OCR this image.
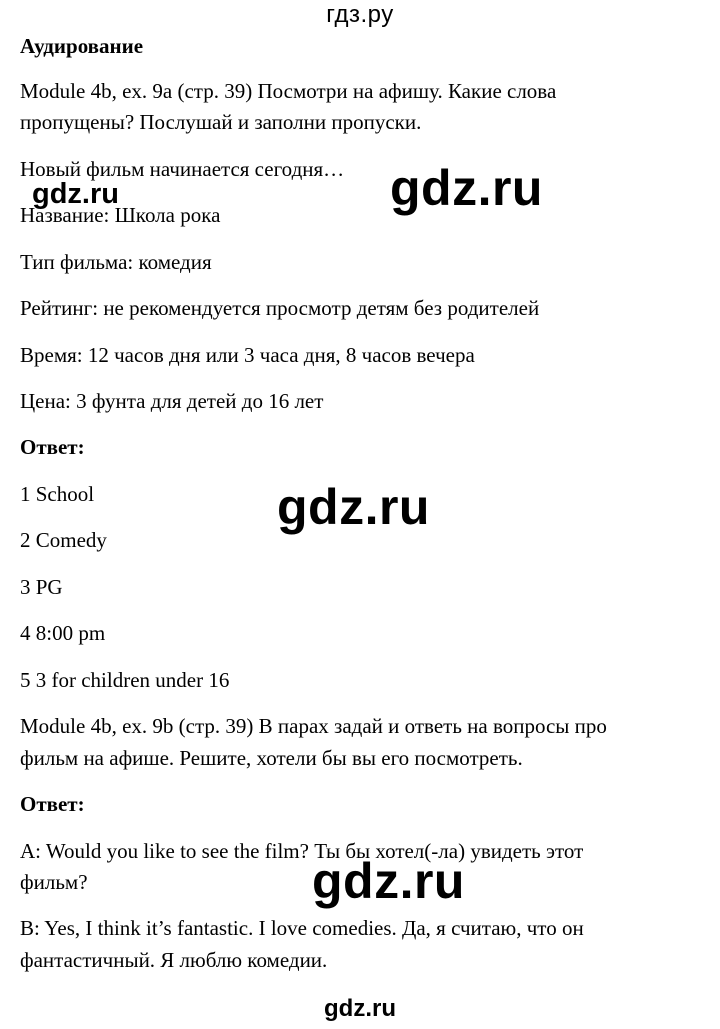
гдз.ру
Аудирование
Module 4b, ex. 9a (стр. 39) Посмотри на афишу. Какие слова
пропущены? Послушай и заполни пропуски.
Новый фильм начинается сегодня…
Название: Школа рока
Тип фильма: комедия
Рейтинг: не рекомендуется просмотр детям без родителей
Время: 12 часов дня или 3 часа дня, 8 часов вечера
Цена: 3 фунта для детей до 16 лет
Ответ:
1 School
2 Comedy
3 PG
4 8:00 pm
5 3 for children under 16
Module 4b, ex. 9b (стр. 39) В парах задай и ответь на вопросы про
фильм на афише. Решите, хотели бы вы его посмотреть.
Ответ:
A: Would you like to see the film? Ты бы хотел(-ла) увидеть этот
фильм?
B: Yes, I think it’s fantastic. I love comedies. Да, я считаю, что он
фантастичный. Я люблю комедии.
gdz.ru	gdz.ru
gdz.ru
gdz.ru
gdz.ru
